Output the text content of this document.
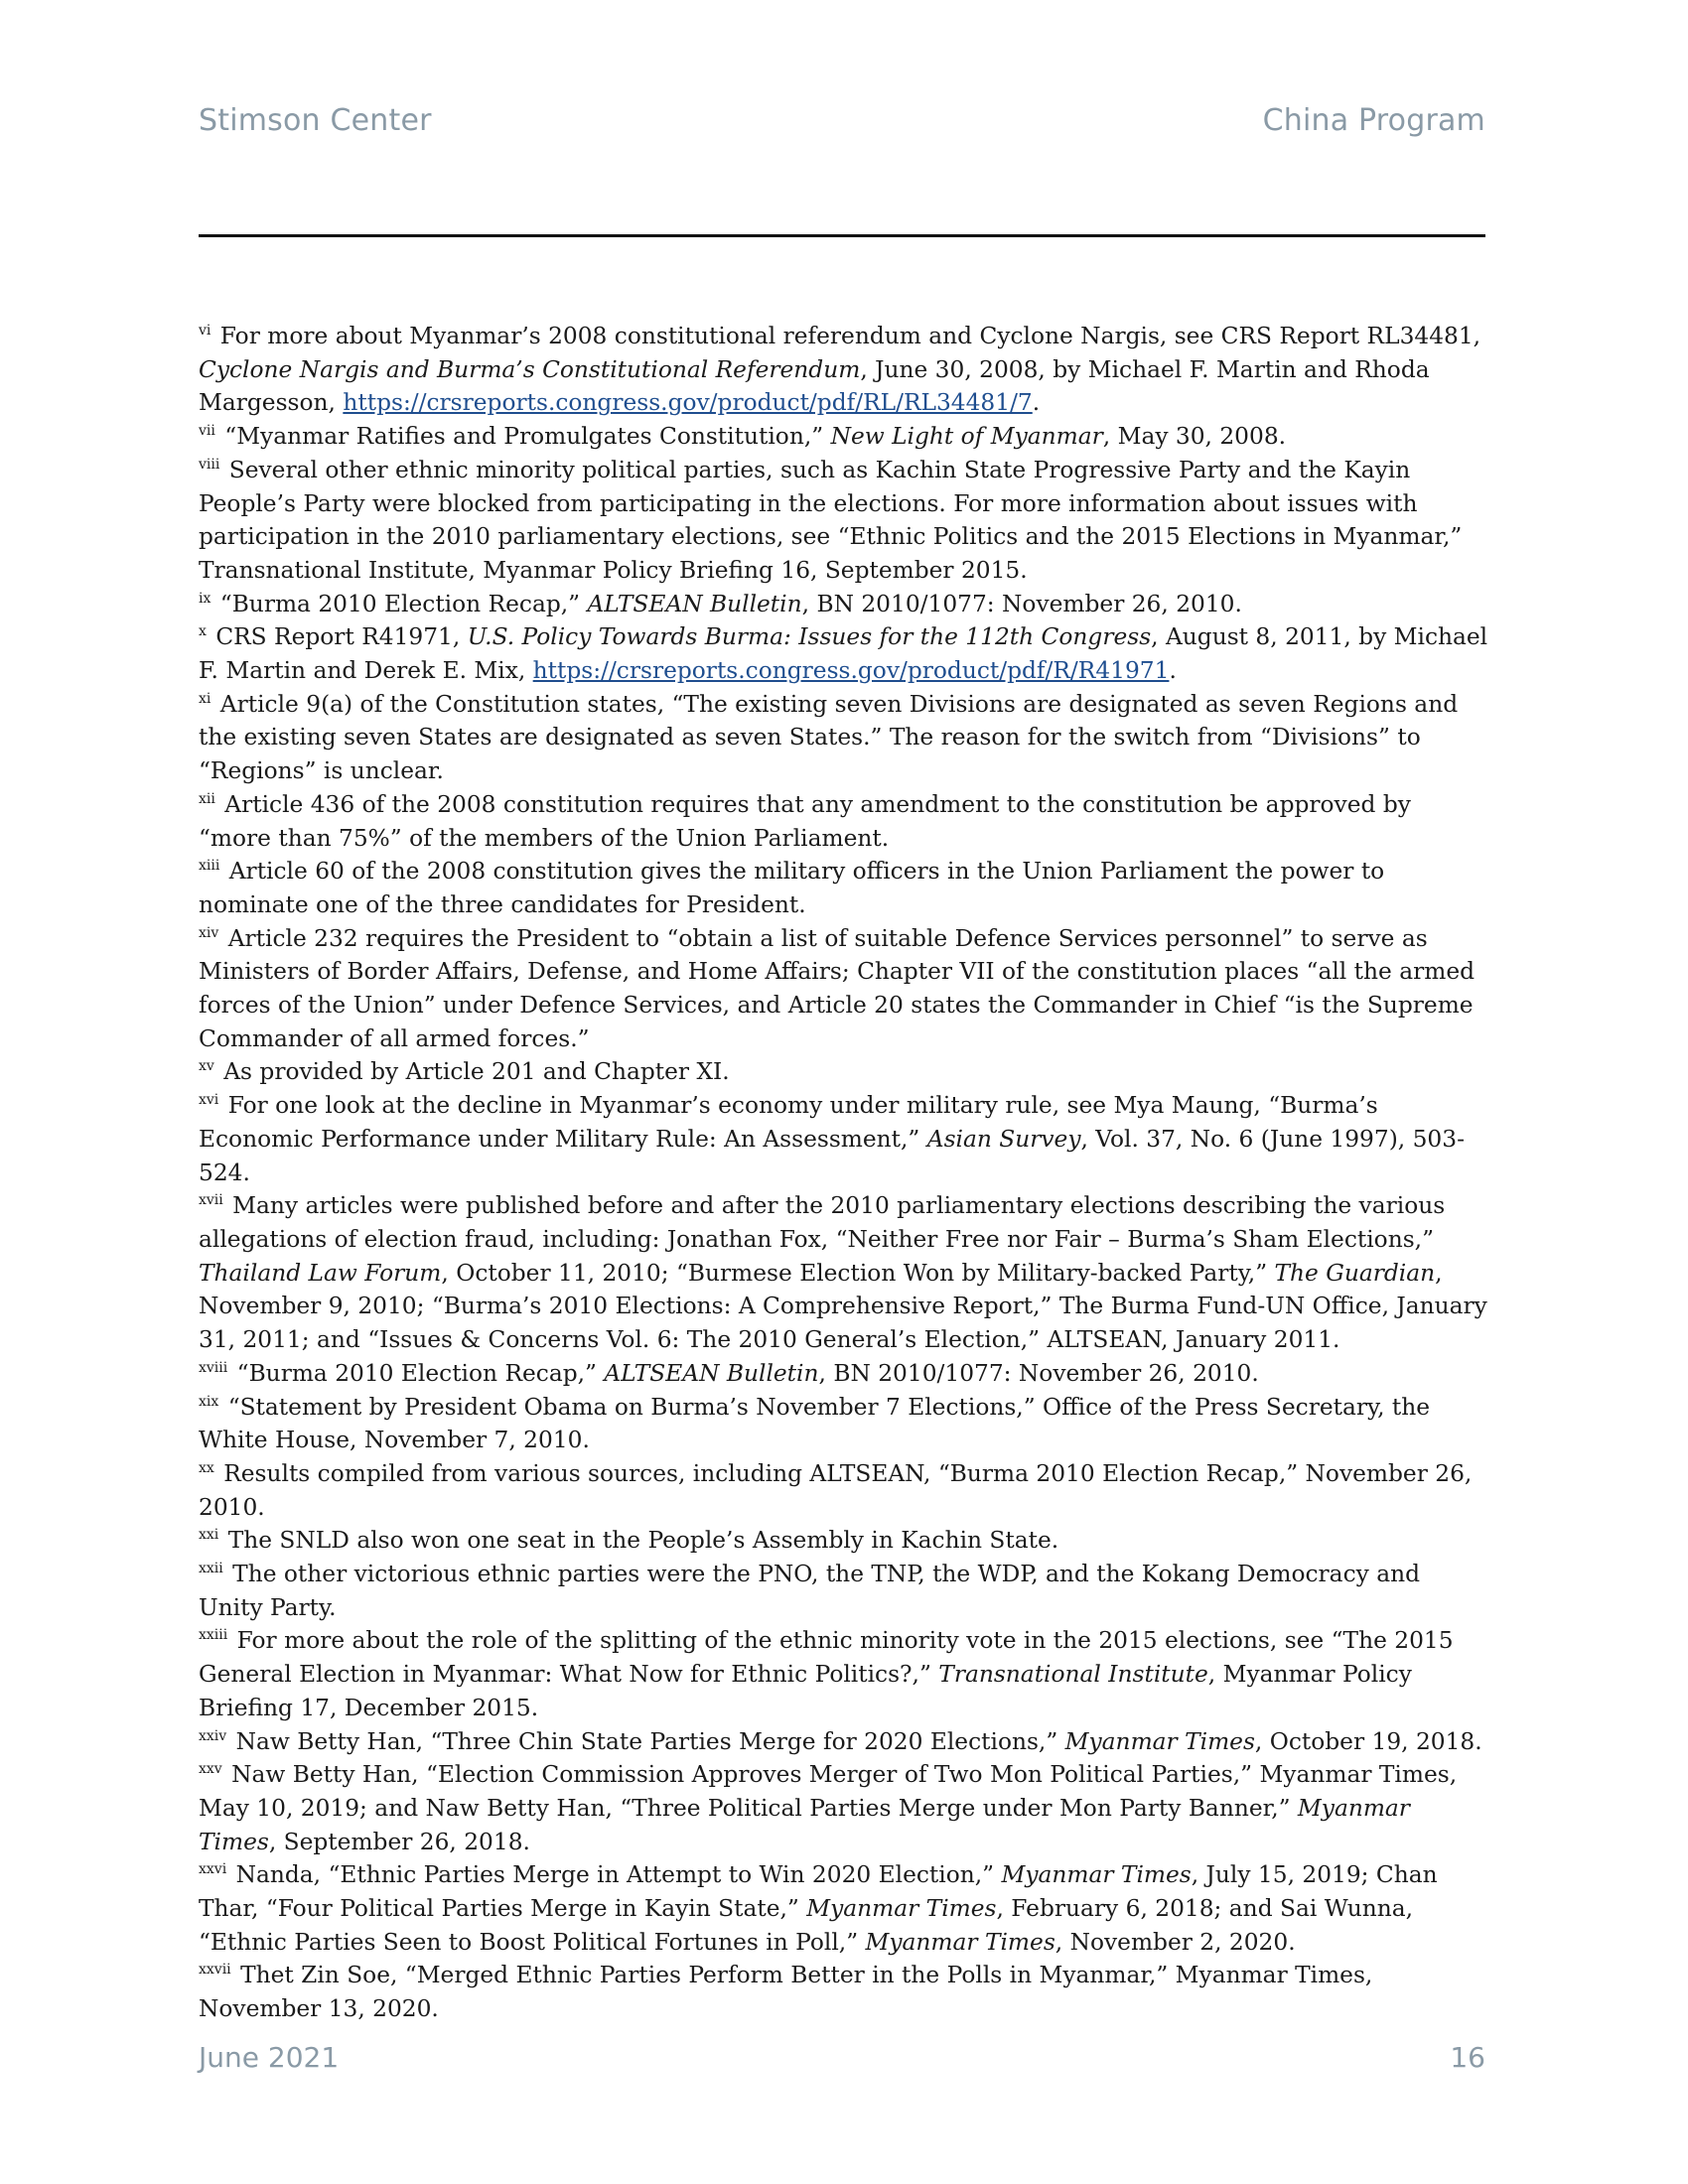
Stimson Center	China Program

$^{vi}$ For more about Myanmar’s 2008 constitutional referendum and Cyclone Nargis, see CRS Report RL34481, Cyclone Nargis and Burma’s Constitutional Referendum, June 30, 2008, by Michael F. Martin and Rhoda Margesson, https://crsreports.congress.gov/product/pdf/RL/RL34481/7.

$^{vii}$ “Myanmar Ratifies and Promulgates Constitution,” New Light of Myanmar, May 30, 2008.

$^{viii}$ Several other ethnic minority political parties, such as Kachin State Progressive Party and the Kayin People’s Party were blocked from participating in the elections. For more information about issues with participation in the 2010 parliamentary elections, see “Ethnic Politics and the 2015 Elections in Myanmar,” Transnational Institute, Myanmar Policy Briefing 16, September 2015.

$^{ix}$ “Burma 2010 Election Recap,” ALTSEAN Bulletin, BN 2010/1077: November 26, 2010.

$^x$ CRS Report R41971, U.S. Policy Towards Burma: Issues for the 112th Congress, August 8, 2011, by Michael F. Martin and Derek E. Mix, https://crsreports.congress.gov/product/pdf/R/R41971.

$^{xi}$ Article 9(a) of the Constitution states, “The existing seven Divisions are designated as seven Regions and the existing seven States are designated as seven States.” The reason for the switch from “Divisions” to “Regions” is unclear.

$^{xii}$ Article 436 of the 2008 constitution requires that any amendment to the constitution be approved by “more than 75%” of the members of the Union Parliament.

$^{xiii}$ Article 60 of the 2008 constitution gives the military officers in the Union Parliament the power to nominate one of the three candidates for President.

$^{xiv}$ Article 232 requires the President to “obtain a list of suitable Defence Services personnel” to serve as Ministers of Border Affairs, Defense, and Home Affairs; Chapter VII of the constitution places “all the armed forces of the Union” under Defence Services, and Article 20 states the Commander in Chief “is the Supreme Commander of all armed forces.”

$^{xv}$ As provided by Article 201 and Chapter XI.

$^{xvi}$ For one look at the decline in Myanmar’s economy under military rule, see Mya Maung, “Burma’s Economic Performance under Military Rule: An Assessment,” Asian Survey, Vol. 37, No. 6 (June 1997), 503-524.

$^{xvii}$ Many articles were published before and after the 2010 parliamentary elections describing the various allegations of election fraud, including: Jonathan Fox, “Neither Free nor Fair – Burma’s Sham Elections,” Thailand Law Forum, October 11, 2010; “Burmese Election Won by Military-backed Party,” The Guardian, November 9, 2010; “Burma’s 2010 Elections: A Comprehensive Report,” The Burma Fund-UN Office, January 31, 2011; and “Issues & Concerns Vol. 6: The 2010 General’s Election,” ALTSEAN, January 2011.

$^{xviii}$ “Burma 2010 Election Recap,” ALTSEAN Bulletin, BN 2010/1077: November 26, 2010.

$^{xix}$ “Statement by President Obama on Burma’s November 7 Elections,” Office of the Press Secretary, the White House, November 7, 2010.

$^{xx}$ Results compiled from various sources, including ALTSEAN, “Burma 2010 Election Recap,” November 26, 2010.

$^{xxi}$ The SNLD also won one seat in the People’s Assembly in Kachin State.

$^{xxii}$ The other victorious ethnic parties were the PNO, the TNP, the WDP, and the Kokang Democracy and Unity Party.

$^{xxiii}$ For more about the role of the splitting of the ethnic minority vote in the 2015 elections, see “The 2015 General Election in Myanmar: What Now for Ethnic Politics?,” Transnational Institute, Myanmar Policy Briefing 17, December 2015.

$^{xxiv}$ Naw Betty Han, “Three Chin State Parties Merge for 2020 Elections,” Myanmar Times, October 19, 2018.

$^{xxv}$ Naw Betty Han, “Election Commission Approves Merger of Two Mon Political Parties,” Myanmar Times, May 10, 2019; and Naw Betty Han, “Three Political Parties Merge under Mon Party Banner,” Myanmar Times, September 26, 2018.

$^{xxvi}$ Nanda, “Ethnic Parties Merge in Attempt to Win 2020 Election,” Myanmar Times, July 15, 2019; Chan Thar, “Four Political Parties Merge in Kayin State,” Myanmar Times, February 6, 2018; and Sai Wunna, “Ethnic Parties Seen to Boost Political Fortunes in Poll,” Myanmar Times, November 2, 2020.

$^{xxvii}$ Thet Zin Soe, “Merged Ethnic Parties Perform Better in the Polls in Myanmar,” Myanmar Times, November 13, 2020.

June 2021	16
